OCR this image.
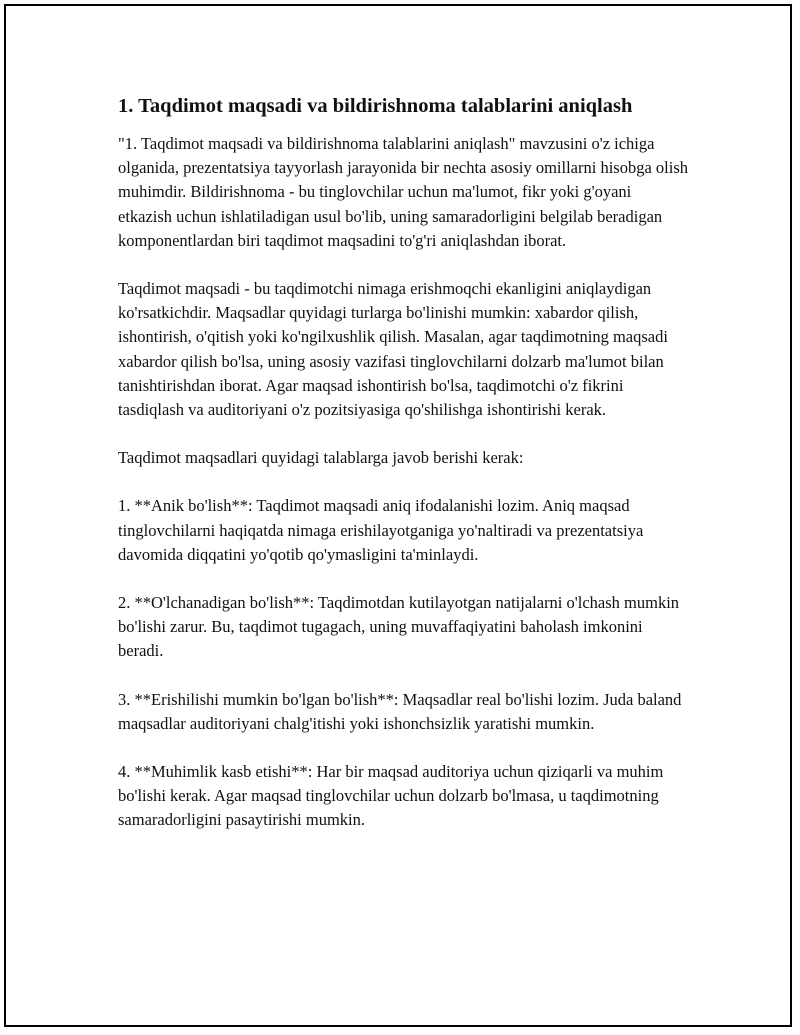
1. Taqdimot maqsadi va bildirishnoma talablarini aniqlash

"1. Taqdimot maqsadi va bildirishnoma talablarini aniqlash" mavzusini o'z ichiga olganida, prezentatsiya tayyorlash jarayonida bir nechta asosiy omillarni hisobga olish muhimdir. Bildirishnoma - bu tinglovchilar uchun ma'lumot, fikr yoki g'oyani etkazish uchun ishlatiladigan usul bo'lib, uning samaradorligini belgilab beradigan komponentlardan biri taqdimot maqsadini to'g'ri aniqlashdan iborat.

Taqdimot maqsadi - bu taqdimotchi nimaga erishmoqchi ekanligini aniqlaydigan ko'rsatkichdir. Maqsadlar quyidagi turlarga bo'linishi mumkin: xabardor qilish, ishontirish, o'qitish yoki ko'ngilxushlik qilish. Masalan, agar taqdimotning maqsadi xabardor qilish bo'lsa, uning asosiy vazifasi tinglovchilarni dolzarb ma'lumot bilan tanishtirishdan iborat. Agar maqsad ishontirish bo'lsa, taqdimotchi o'z fikrini tasdiqlash va auditoriyani o'z pozitsiyasiga qo'shilishga ishontirishi kerak.

Taqdimot maqsadlari quyidagi talablarga javob berishi kerak:

1. **Anik bo'lish**: Taqdimot maqsadi aniq ifodalanishi lozim. Aniq maqsad tinglovchilarni haqiqatda nimaga erishilayotganiga yo'naltiradi va prezentatsiya davomida diqqatini yo'qotib qo'ymasligini ta'minlaydi.

2. **O'lchanadigan bo'lish**: Taqdimotdan kutilayotgan natijalarni o'lchash mumkin bo'lishi zarur. Bu, taqdimot tugagach, uning muvaffaqiyatini baholash imkonini beradi.

3. **Erishilishi mumkin bo'lgan bo'lish**: Maqsadlar real bo'lishi lozim. Juda baland maqsadlar auditoriyani chalg'itishi yoki ishonchsizlik yaratishi mumkin.

4. **Muhimlik kasb etishi**: Har bir maqsad auditoriya uchun qiziqarli va muhim bo'lishi kerak. Agar maqsad tinglovchilar uchun dolzarb bo'lmasa, u taqdimotning samaradorligini pasaytirishi mumkin.
